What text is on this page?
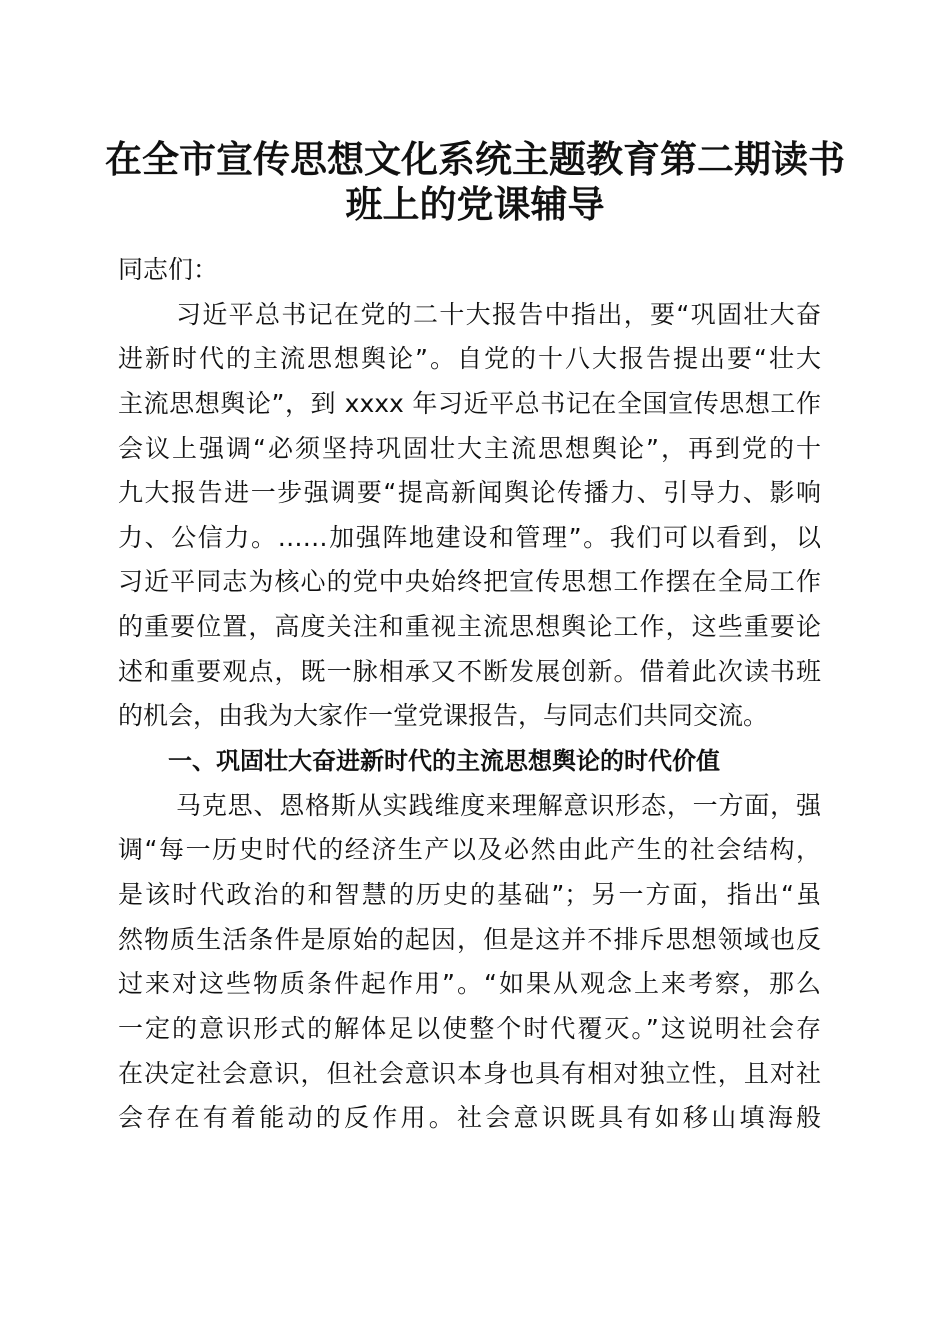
在全市宣传思想文化系统主题教育第二期读书
班上的党课辅导
同志们：
习近平总书记在党的二十大报告中指出，要“巩固壮大奋
进新时代的主流思想舆论”。自党的十八大报告提出要“壮大
主流思想舆论”，到 xxxx 年习近平总书记在全国宣传思想工作
会议上强调“必须坚持巩固壮大主流思想舆论”，再到党的十
九大报告进一步强调要“提高新闻舆论传播力、引导力、影响
力、公信力。……加强阵地建设和管理”。我们可以看到，以
习近平同志为核心的党中央始终把宣传思想工作摆在全局工作
的重要位置，高度关注和重视主流思想舆论工作，这些重要论
述和重要观点，既一脉相承又不断发展创新。借着此次读书班
的机会，由我为大家作一堂党课报告，与同志们共同交流。
一、巩固壮大奋进新时代的主流思想舆论的时代价值
马克思、恩格斯从实践维度来理解意识形态，一方面，强
调“每一历史时代的经济生产以及必然由此产生的社会结构，
是该时代政治的和智慧的历史的基础”；另一方面，指出“虽
然物质生活条件是原始的起因，但是这并不排斥思想领域也反
过来对这些物质条件起作用”。“如果从观念上来考察，那么
一定的意识形式的解体足以使整个时代覆灭。”这说明社会存
在决定社会意识，但社会意识本身也具有相对独立性，且对社
会存在有着能动的反作用。社会意识既具有如移山填海般
